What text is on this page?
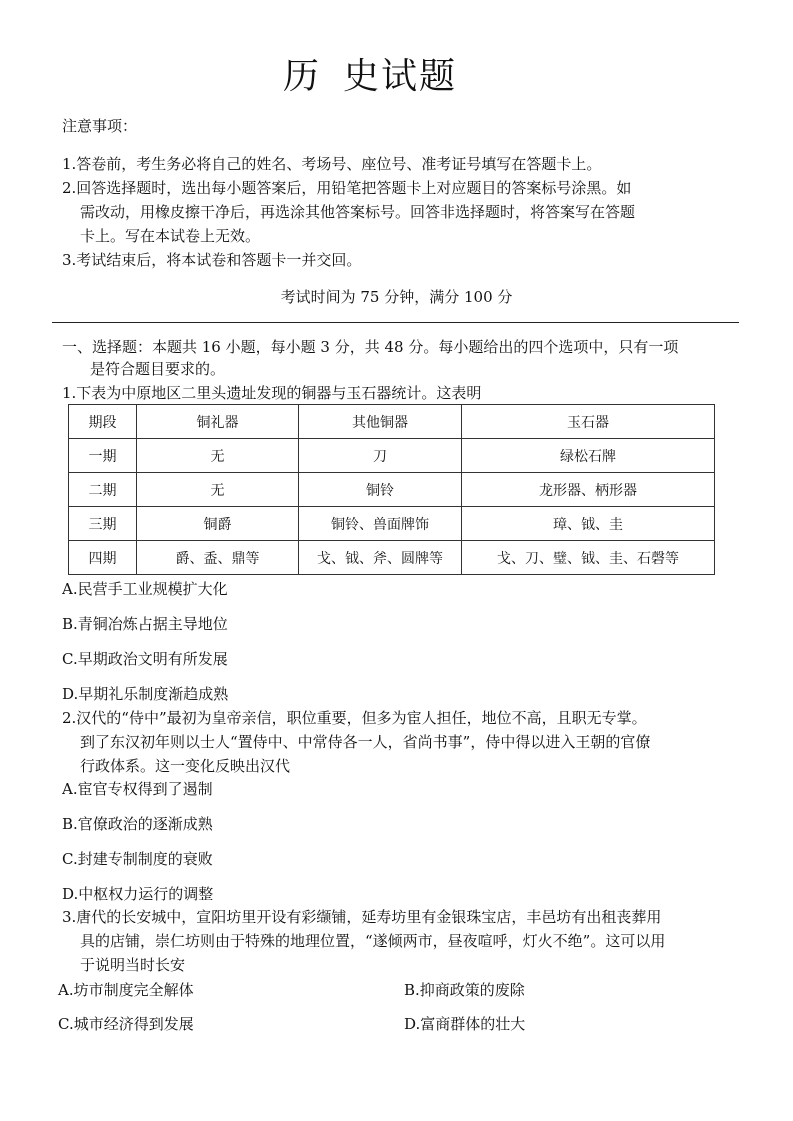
历 史试题
注意事项：
1.答卷前，考生务必将自己的姓名、考场号、座位号、准考证号填写在答题卡上。
2.回答选择题时，选出每小题答案后，用铅笔把答题卡上对应题目的答案标号涂黑。如
需改动，用橡皮擦干净后，再选涂其他答案标号。回答非选择题时，将答案写在答题
卡上。写在本试卷上无效。
3.考试结束后，将本试卷和答题卡一并交回。
考试时间为 75 分钟，满分 100 分
一、选择题：本题共 16 小题，每小题 3 分，共 48 分。每小题给出的四个选项中，只有一项
是符合题目要求的。
1.下表为中原地区二里头遗址发现的铜器与玉石器统计。这表明
期段	铜礼器	其他铜器	玉石器
一期	无	刀	绿松石牌
二期	无	铜铃	龙形器、柄形器
三期	铜爵	铜铃、兽面牌饰	璋、钺、圭
四期	爵、盉、鼎等	戈、钺、斧、圆牌等	戈、刀、璧、钺、圭、石磬等
A.民营手工业规模扩大化
B.青铜冶炼占据主导地位
C.早期政治文明有所发展
D.早期礼乐制度渐趋成熟
2.汉代的“侍中”最初为皇帝亲信，职位重要，但多为宦人担任，地位不高，且职无专掌。
到了东汉初年则以士人“置侍中、中常侍各一人，省尚书事”，侍中得以进入王朝的官僚
行政体系。这一变化反映出汉代
A.宦官专权得到了遏制
B.官僚政治的逐渐成熟
C.封建专制制度的衰败
D.中枢权力运行的调整
3.唐代的长安城中，宣阳坊里开设有彩缬铺，延寿坊里有金银珠宝店，丰邑坊有出租丧葬用
具的店铺，崇仁坊则由于特殊的地理位置，“遂倾两市，昼夜喧呼，灯火不绝”。这可以用
于说明当时长安
A.坊市制度完全解体	B.抑商政策的废除
C.城市经济得到发展	D.富商群体的壮大
